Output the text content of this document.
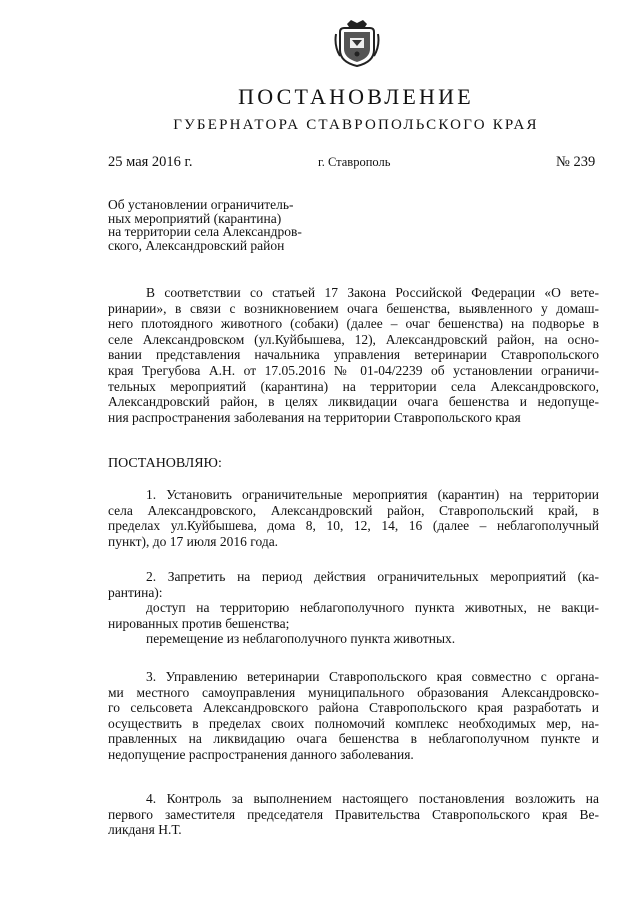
ПОСТАНОВЛЕНИЕ
ГУБЕРНАТОРА СТАВРОПОЛЬСКОГО КРАЯ
25 мая 2016 г.	г. Ставрополь	№ 239
Об установлении ограничитель-
ных мероприятий (карантина)
на территории села Александров-
ского, Александровский район
В соответствии со статьей 17 Закона Российской Федерации «О вете-
ринарии», в связи с возникновением очага бешенства, выявленного у домаш-
него плотоядного животного (собаки) (далее – очаг бешенства) на подворье в
селе Александровском (ул.Куйбышева, 12), Александровский район, на осно-
вании представления начальника управления ветеринарии Ставропольского
края Трегубова А.Н. от 17.05.2016 № 01-04/2239 об установлении ограничи-
тельных мероприятий (карантина) на территории села Александровского,
Александровский район, в целях ликвидации очага бешенства и недопуще-
ния распространения заболевания на территории Ставропольского края
ПОСТАНОВЛЯЮ:
1. Установить ограничительные мероприятия (карантин) на территории
села Александровского, Александровский район, Ставропольский край, в
пределах ул.Куйбышева, дома 8, 10, 12, 14, 16 (далее – неблагополучный
пункт), до 17 июля 2016 года.
2. Запретить на период действия ограничительных мероприятий (ка-
рантина):
доступ на территорию неблагополучного пункта животных, не вакци-
нированных против бешенства;
перемещение из неблагополучного пункта животных.
3. Управлению ветеринарии Ставропольского края совместно с органа-
ми местного самоуправления муниципального образования Александровско-
го сельсовета Александровского района Ставропольского края разработать и
осуществить в пределах своих полномочий комплекс необходимых мер, на-
правленных на ликвидацию очага бешенства в неблагополучном пункте и
недопущение распространения данного заболевания.
4. Контроль за выполнением настоящего постановления возложить на
первого заместителя председателя Правительства Ставропольского края Ве-
ликданя Н.Т.
